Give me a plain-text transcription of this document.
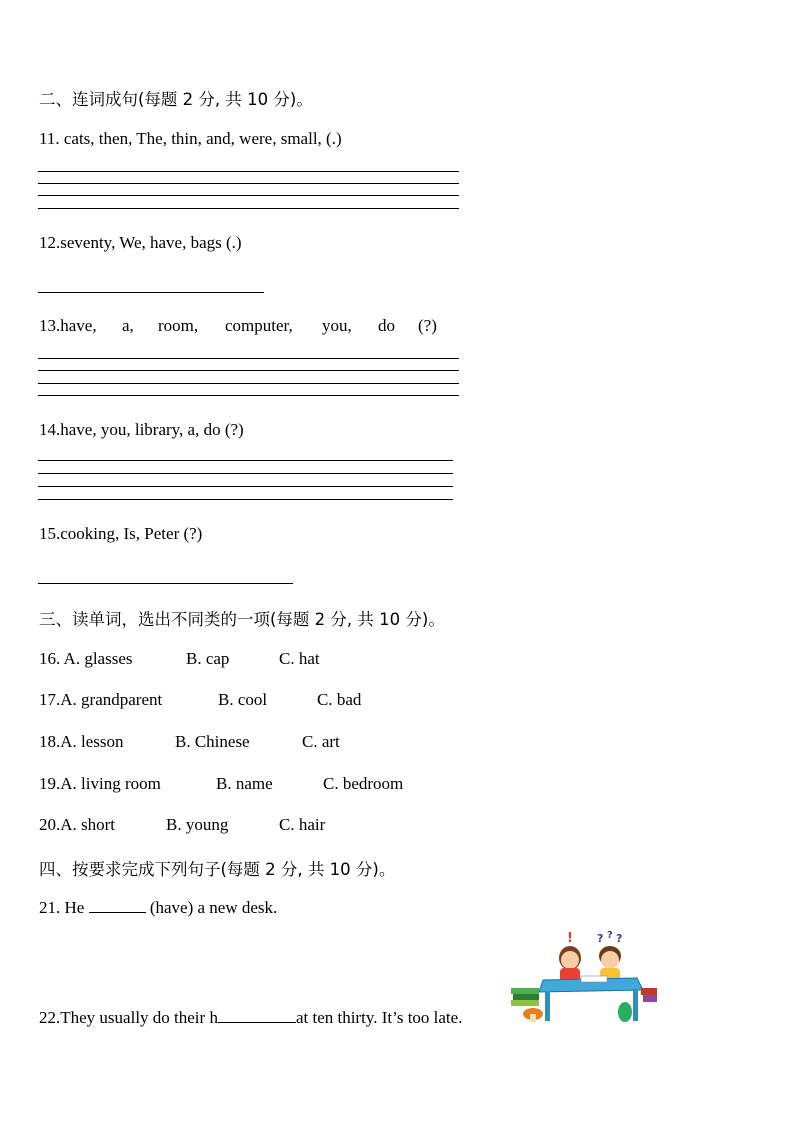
二、连词成句(每题 2 分, 共 10 分)。
11. cats, then, The, thin, and, were, small, (.)
12.seventy, We, have, bags (.)
13.have, a, room, computer, you, do (?)
14.have, you, library, a, do (?)
15.cooking, Is, Peter (?)
三、读单词，选出不同类的一项(每题 2 分, 共 10 分)。
16. A. glasses	B. cap	C. hat
17.A. grandparent	B. cool	C. bad
18.A. lesson	B. Chinese	C. art
19.A. living room	B. name	C. bedroom
20.A. short	B. young	C. hair
四、按要求完成下列句子(每题 2 分, 共 10 分)。
21. He	(have) a new desk.
22.They usually do their h	at ten thirty. It’s too late.
! ? ? ?
